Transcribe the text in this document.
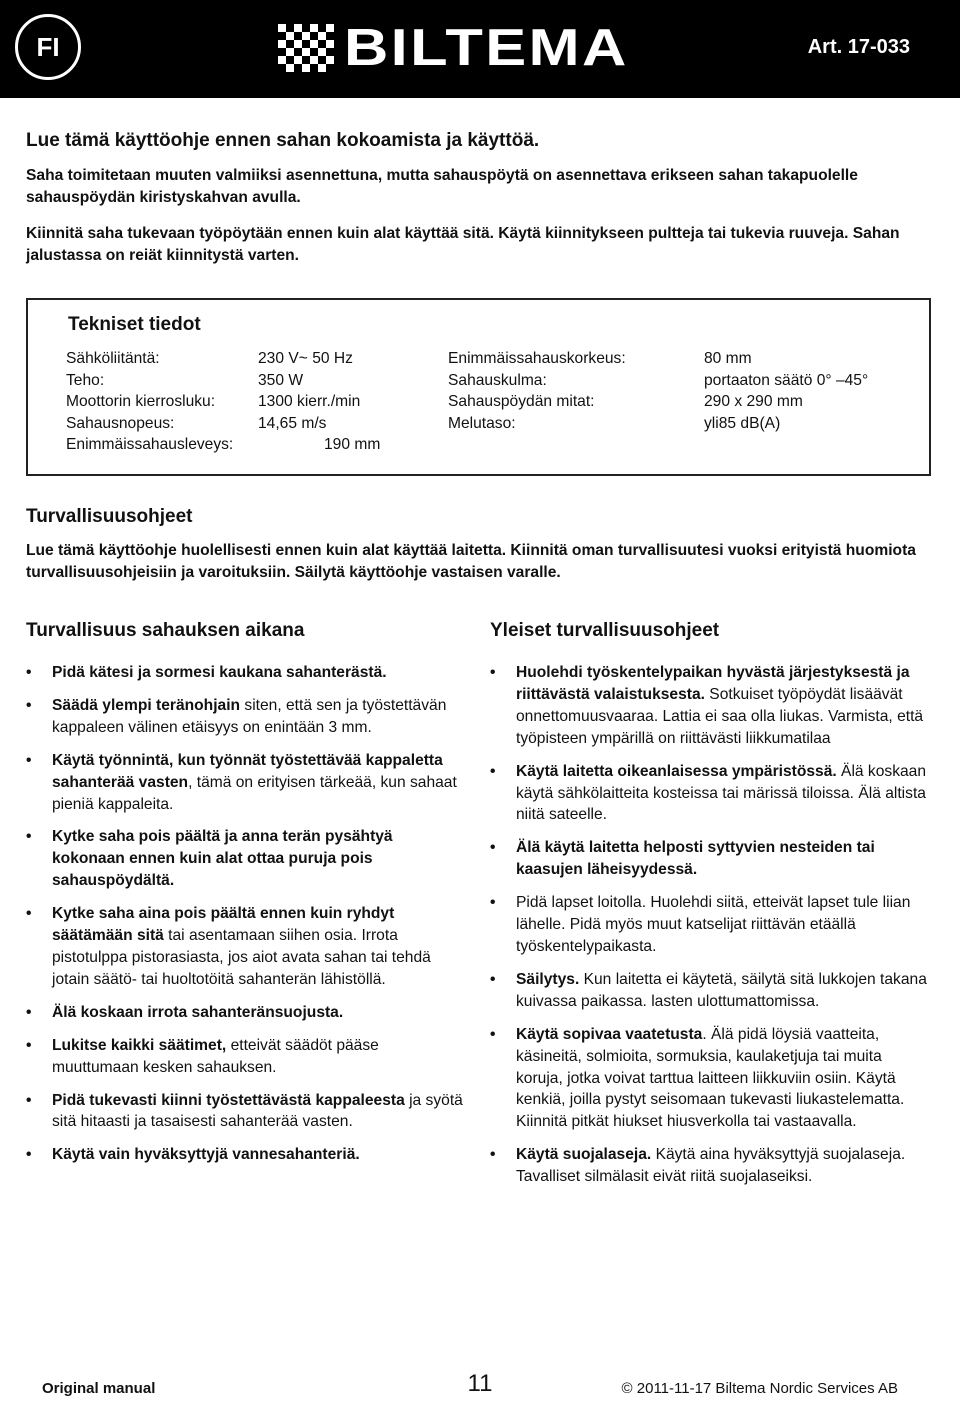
FI	BILTEMA	Art. 17-033
Lue tämä käyttöohje ennen sahan kokoamista ja käyttöä.

Saha toimitetaan muuten valmiiksi asennettuna, mutta sahauspöytä on asennettava erikseen sahan takapuolelle sahauspöydän kiristyskahvan avulla.

Kiinnitä saha tukevaan työpöytään ennen kuin alat käyttää sitä. Käytä kiinnitykseen pultteja tai tukevia ruuveja. Sahan jalustassa on reiät kiinnitystä varten.

Tekniset tiedot
Sähköliitäntä:	230 V~ 50 Hz
Teho:	350 W
Moottorin kierrosluku:	1300 kierr./min
Sahausnopeus:	14,65 m/s
Enimmäissahausleveys:	190 mm
Enimmäissahauskorkeus:	80 mm
Sahauskulma:	portaaton säätö 0° –45°
Sahauspöydän mitat:	290 x 290 mm
Melutaso:	yli85 dB(A)
Turvallisuusohjeet

Lue tämä käyttöohje huolellisesti ennen kuin alat käyttää laitetta. Kiinnitä oman turvallisuutesi vuoksi erityistä huomiota turvallisuusohjeisiin ja varoituksiin. Säilytä käyttöohje vastaisen varalle.

Turvallisuus sahauksen aikana
• Pidä kätesi ja sormesi kaukana sahanterästä.
• Säädä ylempi teränohjain siten, että sen ja työstettävän kappaleen välinen etäisyys on enintään 3 mm.
• Käytä työnnintä, kun työnnät työstettävää kappaletta sahanterää vasten, tämä on erityisen tärkeää, kun sahaat pieniä kappaleita.
• Kytke saha pois päältä ja anna terän pysähtyä kokonaan ennen kuin alat ottaa puruja pois sahauspöydältä.
• Kytke saha aina pois päältä ennen kuin ryhdyt säätämään sitä tai asentamaan siihen osia. Irrota pistotulppa pistorasiasta, jos aiot avata sahan tai tehdä jotain säätö- tai huoltotöitä sahanterän lähistöllä.
• Älä koskaan irrota sahanteränsuojusta.
• Lukitse kaikki säätimet, etteivät säädöt pääse muuttumaan kesken sahauksen.
• Pidä tukevasti kiinni työstettävästä kappaleesta ja syötä sitä hitaasti ja tasaisesti sahanterää vasten.
• Käytä vain hyväksyttyjä vannesahanteriä.
Yleiset turvallisuusohjeet
• Huolehdi työskentelypaikan hyvästä järjestyksestä ja riittävästä valaistuksesta. Sotkuiset työpöydät lisäävät onnettomuusvaaraa. Lattia ei saa olla liukas. Varmista, että työpisteen ympärillä on riittävästi liikkumatilaa
• Käytä laitetta oikeanlaisessa ympäristössä. Älä koskaan käytä sähkölaitteita kosteissa tai märissä tiloissa. Älä altista niitä sateelle.
• Älä käytä laitetta helposti syttyvien nesteiden tai kaasujen läheisyydessä.
• Pidä lapset loitolla. Huolehdi siitä, etteivät lapset tule liian lähelle. Pidä myös muut katselijat riittävän etäällä työskentelypaikasta.
• Säilytys. Kun laitetta ei käytetä, säilytä sitä lukkojen takana kuivassa paikassa. lasten ulottumattomissa.
• Käytä sopivaa vaatetusta. Älä pidä löysiä vaatteita, käsineitä, solmioita, sormuksia, kaulaketjuja tai muita koruja, jotka voivat tarttua laitteen liikkuviin osiin. Käytä kenkiä, joilla pystyt seisomaan tukevasti liukastelematta. Kiinnitä pitkät hiukset hiusverkolla tai vastaavalla.
• Käytä suojalaseja. Käytä aina hyväksyttyjä suojalaseja. Tavalliset silmälasit eivät riitä suojalaseiksi.
Original manual	11	© 2011-11-17 Biltema Nordic Services AB
